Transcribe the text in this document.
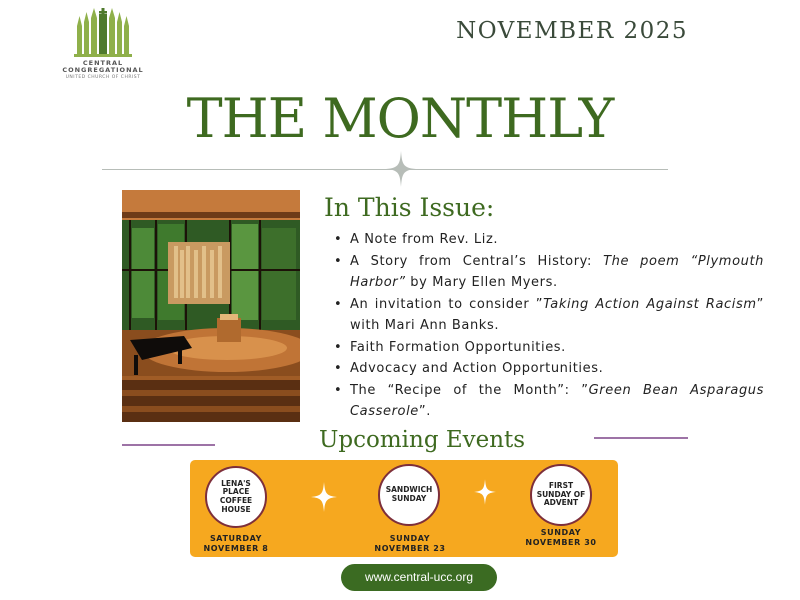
CENTRAL
CONGREGATIONAL
UNITED CHURCH OF CHRIST
NOVEMBER 2025
THE MONTHLY
In This Issue:
• A Note from Rev. Liz.
• A Story from Central’s History: The poem “Plymouth Harbor” by Mary Ellen Myers.
• An invitation to consider ”Taking Action Against Racism” with Mari Ann Banks.
• Faith Formation Opportunities.
• Advocacy and Action Opportunities.
• The “Recipe of the Month”: ”Green Bean Asparagus Casserole”.
Upcoming Events
LENA'S PLACE COFFEE HOUSE
SATURDAY
NOVEMBER 8
SANDWICH SUNDAY
SUNDAY
NOVEMBER 23
FIRST SUNDAY OF ADVENT
SUNDAY
NOVEMBER 30
www.central-ucc.org
